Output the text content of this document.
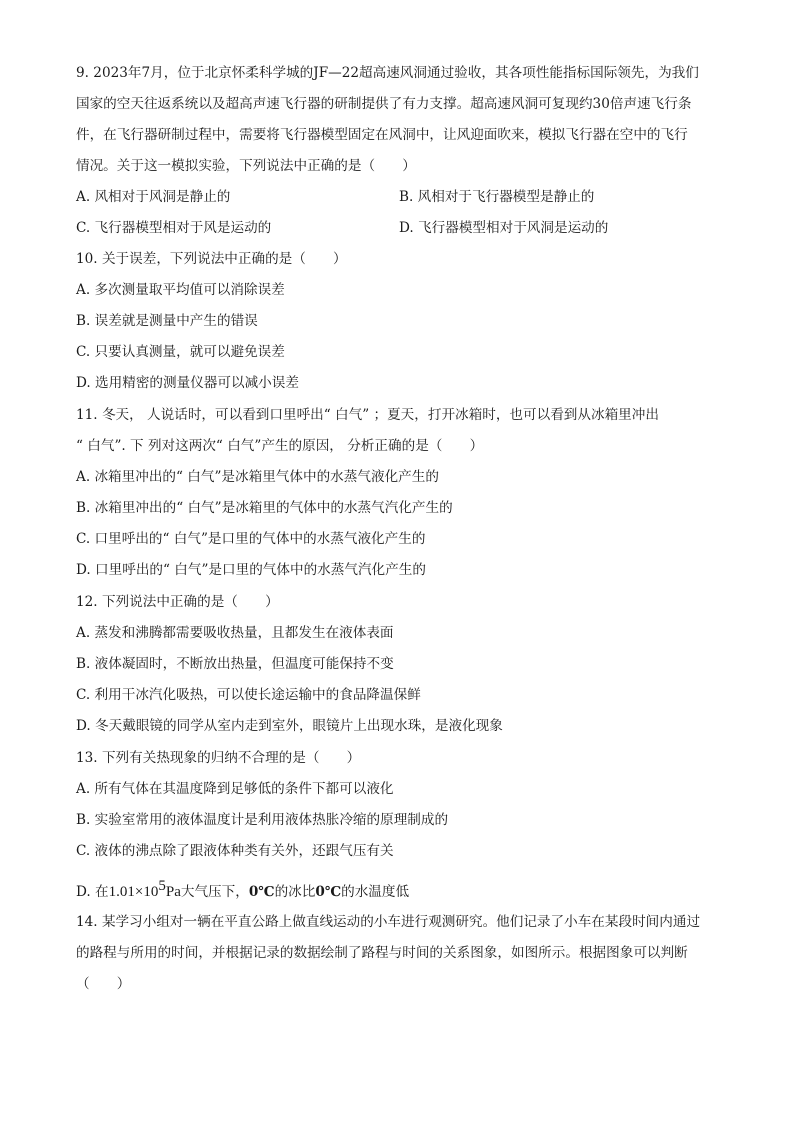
9. 2023年7月，位于北京怀柔科学城的JF—22超高速风洞通过验收，其各项性能指标国际领先，为我们
国家的空天往返系统以及超高声速飞行器的研制提供了有力支撑。超高速风洞可复现约30倍声速飞行条
件，在飞行器研制过程中，需要将飞行器模型固定在风洞中，让风迎面吹来，模拟飞行器在空中的飞行
情况。关于这一模拟实验，下列说法中正确的是（　　）
A. 风相对于风洞是静止的	B. 风相对于飞行器模型是静止的
C. 飞行器模型相对于风是运动的	D. 飞行器模型相对于风洞是运动的
10. 关于误差，下列说法中正确的是（　　）
A. 多次测量取平均值可以消除误差
B. 误差就是测量中产生的错误
C. 只要认真测量，就可以避免误差
D. 选用精密的测量仪器可以减小误差
11. 冬天， 人说话时，可以看到口里呼出“ 白气” ；夏天，打开冰箱时，也可以看到从冰箱里冲出
“ 白气”. 下 列对这两次“ 白气”产生的原因， 分析正确的是（　　）
A. 冰箱里冲出的“ 白气”是冰箱里气体中的水蒸气液化产生的
B. 冰箱里冲出的“ 白气”是冰箱里的气体中的水蒸气汽化产生的
C. 口里呼出的“ 白气”是口里的气体中的水蒸气液化产生的
D. 口里呼出的“ 白气”是口里的气体中的水蒸气汽化产生的
12. 下列说法中正确的是（　　）
A. 蒸发和沸腾都需要吸收热量，且都发生在液体表面
B. 液体凝固时，不断放出热量，但温度可能保持不变
C. 利用干冰汽化吸热，可以使长途运输中的食品降温保鲜
D. 冬天戴眼镜的同学从室内走到室外，眼镜片上出现水珠，是液化现象
13. 下列有关热现象的归纳不合理的是（　　）
A. 所有气体在其温度降到足够低的条件下都可以液化
B. 实验室常用的液体温度计是利用液体热胀冷缩的原理制成的
C. 液体的沸点除了跟液体种类有关外，还跟气压有关
D. 在1.01×105Pa大气压下，0℃的冰比0℃的水温度低
14. 某学习小组对一辆在平直公路上做直线运动的小车进行观测研究。他们记录了小车在某段时间内通过
的路程与所用的时间，并根据记录的数据绘制了路程与时间的关系图象，如图所示。根据图象可以判断
（　　）
